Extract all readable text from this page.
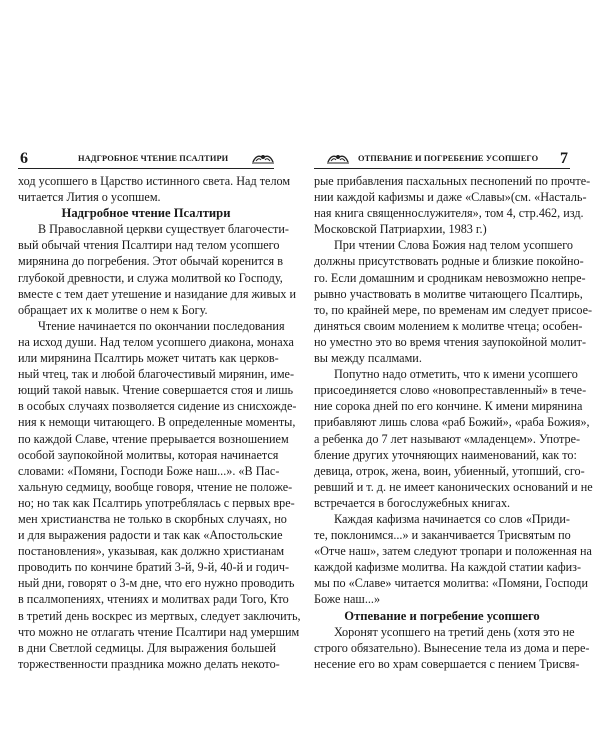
6	НАДГРОБНОЕ ЧТЕНИЕ ПСАЛТИРИ
ход усопшего в Царство истинного света. Над телом
читается Лития о усопшем.
Надгробное чтение Псалтири
В Православной церкви существует благочести-
вый обычай чтения Псалтири над телом усопшего
мирянина до погребения. Этот обычай коренится в
глубокой древности, и служа молитвой ко Господу,
вместе с тем дает утешение и назидание для живых и
обращает их к молитве о нем к Богу.
Чтение начинается по окончании последования
на исход души. Над телом усопшего диакона, монаха
или мирянина Псалтирь может читать как церков-
ный чтец, так и любой благочестивый мирянин, име-
ющий такой навык. Чтение совершается стоя и лишь
в особых случаях позволяется сидение из снисхожде-
ния к немощи читающего. В определенные моменты,
по каждой Славе, чтение прерывается возношением
особой заупокойной молитвы, которая начинается
словами: «Помяни, Господи Боже наш...». «В Пас-
хальную седмицу, вообще говоря, чтение не положе-
но; но так как Псалтирь употреблялась с первых вре-
мен христианства не только в скорбных случаях, но
и для выражения радости и так как «Апостольские
постановления», указывая, как должно христианам
проводить по кончине братий 3-й, 9-й, 40-й и годич-
ный дни, говорят о 3-м дне, что его нужно проводить
в псалмопениях, чтениях и молитвах ради Того, Кто
в третий день воскрес из мертвых, следует заключить,
что можно не отлагать чтение Псалтири над умершим
в дни Светлой седмицы. Для выражения большей
торжественности праздника можно делать некото-
ОТПЕВАНИЕ И ПОГРЕБЕНИЕ УСОПШЕГО 7
рые прибавления пасхальных песнопений по прочте-
нии каждой кафизмы и даже «Славы»(см. «Насталь-
ная книга священнослужителя», том 4, стр.462, изд.
Московской Патриархии, 1983 г.)
При чтении Слова Божия над телом усопшего
должны присутствовать родные и близкие покойно-
го. Если домашним и сродникам невозможно непре-
рывно участвовать в молитве читающего Псалтирь,
то, по крайней мере, по временам им следует присое-
диняться своим молением к молитве чтеца; особен-
но уместно это во время чтения заупокойной молит-
вы между псалмами.
Попутно надо отметить, что к имени усопшего
присоединяется слово «новопреставленный» в тече-
ние сорока дней по его кончине. К имени мирянина
прибавляют лишь слова «раб Божий», «раба Божия»,
а ребенка до 7 лет называют «младенцем». Употре-
бление других уточняющих наименований, как то:
девица, отрок, жена, воин, убиенный, утопший, сго-
ревший и т. д. не имеет канонических оснований и не
встречается в богослужебных книгах.
Каждая кафизма начинается со слов «Приди-
те, поклонимся...» и заканчивается Трисвятым по
«Отче наш», затем следуют тропари и положенная на
каждой кафизме молитва. На каждой статии кафиз-
мы по «Славе» читается молитва: «Помяни, Господи
Боже наш...»
Отпевание и погребение усопшего
Хоронят усопшего на третий день (хотя это не
строго обязательно). Вынесение тела из дома и пере-
несение его во храм совершается с пением Трисвя-
